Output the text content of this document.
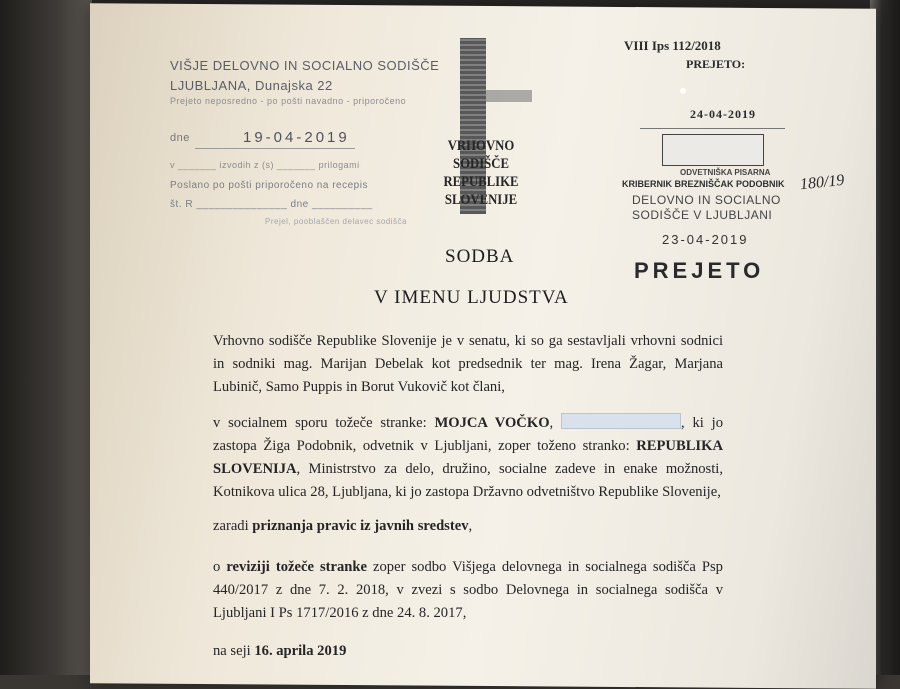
VIŠJE DELOVNO IN SOCIALNO SODIŠČE
LJUBLJANA, Dunajska 22
Prejeto neposredno - po pošti navadno - priporočeno
dne	19-04-2019
v _______ izvodih z (s) _______ prilogami
Poslano po pošti priporočeno na recepis
št. R _______________ dne __________
Prejel, pooblaščen delavec sodišča
VRHOVNO SODIŠČE
REPUBLIKE SLOVENIJE
VIII Ips 112/2018
PREJETO:
24-04-2019
ODVETNIŠKA PISARNA
KRIBERNIK BREZNIŠČAK PODOBNIK 180/19
DELOVNO IN SOCIALNO
SODIŠČE V LJUBLJANI
23-04-2019
PREJETO
SODBA
V IMENU LJUDSTVA
Vrhovno sodišče Republike Slovenije je v senatu, ki so ga sestavljali vrhovni sodnici in sodniki mag. Marijan Debelak kot predsednik ter mag. Irena Žagar, Marjana Lubinič, Samo Puppis in Borut Vukovič kot člani,
v socialnem sporu tožeče stranke: MOJCA VOČKO,	, ki jo zastopa Žiga Podobnik, odvetnik v Ljubljani, zoper toženo stranko: REPUBLIKA SLOVENIJA, Ministrstvo za delo, družino, socialne zadeve in enake možnosti, Kotnikova ulica 28, Ljubljana, ki jo zastopa Državno odvetništvo Republike Slovenije,
zaradi priznanja pravic iz javnih sredstev,
o reviziji tožeče stranke zoper sodbo Višjega delovnega in socialnega sodišča Psp 440/2017 z dne 7. 2. 2018, v zvezi s sodbo Delovnega in socialnega sodišča v Ljubljani I Ps 1717/2016 z dne 24. 8. 2017,
na seji 16. aprila 2019
